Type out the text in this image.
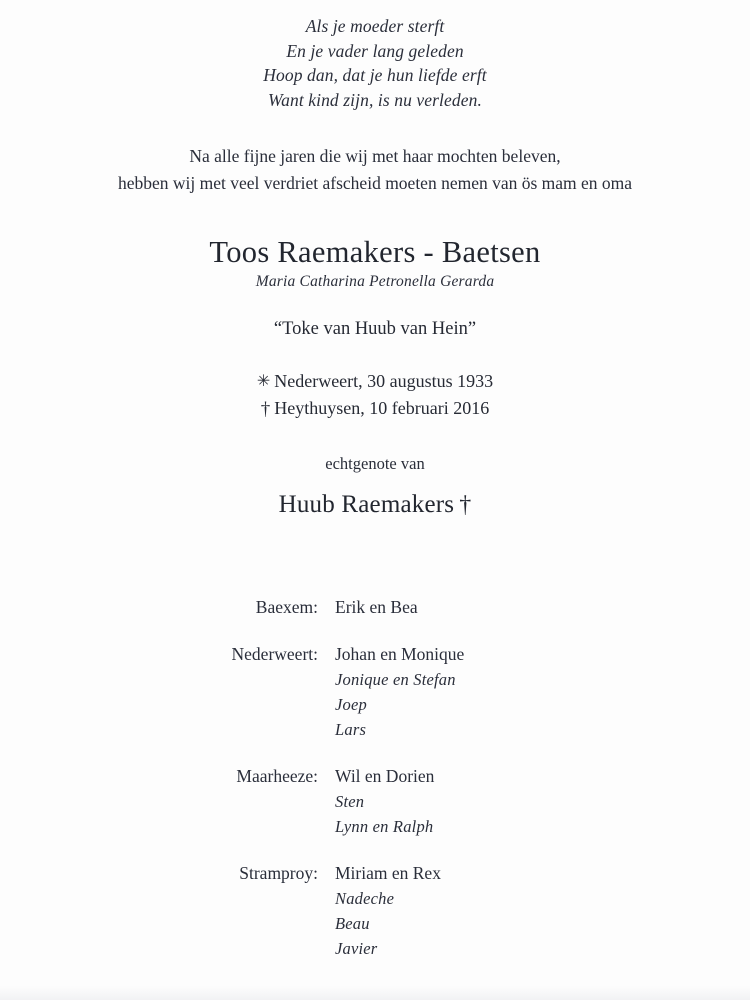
Als je moeder sterft
En je vader lang geleden
Hoop dan, dat je hun liefde erft
Want kind zijn, is nu verleden.
Na alle fijne jaren die wij met haar mochten beleven,
hebben wij met veel verdriet afscheid moeten nemen van ös mam en oma
Toos Raemakers - Baetsen
Maria Catharina Petronella Gerarda
“Toke van Huub van Hein”
✳ Nederweert, 30 augustus 1933
† Heythuysen, 10 februari 2016
echtgenote van
Huub Raemakers †
Baexem: Erik en Bea
Nederweert: Johan en Monique
Jonique en Stefan
Joep
Lars
Maarheeze: Wil en Dorien
Sten
Lynn en Ralph
Stramproy: Miriam en Rex
Nadeche
Beau
Javier
